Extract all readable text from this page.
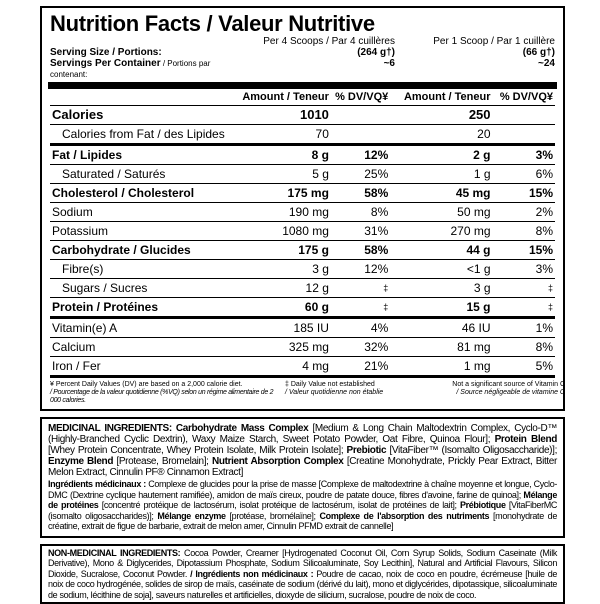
Nutrition Facts / Valeur Nutritive
Per 4 Scoops / Par 4 cuillères	Per 1 Scoop / Par 1 cuillère
Serving Size / Portions:	(264 g†)	(66 g†)
Servings Per Container / Portions par contenant:
~6	~24
	Amount / Teneur	% DV/VQ¥		Amount / Teneur	% DV/VQ¥
Calories	1010			250	
Calories from Fat / des Lipides	70			20	
Fat / Lipides	8 g	12%		2 g	3%
Saturated / Saturés	5 g	25%		1 g	6%
Cholesterol / Cholesterol	175 mg	58%		45 mg	15%
Sodium	190 mg	8%		50 mg	2%
Potassium	1080 mg	31%		270 mg	8%
Carbohydrate / Glucides	175 g	58%		44 g	15%
Fibre(s)	3 g	12%		<1 g	3%
Sugars / Sucres	12 g	‡		3 g	‡
Protein / Protéines	60 g	‡		15 g	‡
Vitamin(e) A	185 IU	4%		46 IU	1%
Calcium	325 mg	32%		81 mg	8%
Iron / Fer	4 mg	21%		1 mg	5%
¥ Percent Daily Values (DV) are based on a 2,000 calorie diet.
/ Pourcentage de la valeur quotidienne (%VQ) selon un régime alimentaire de 2 000 calories.
‡ Daily Value not established
/ Valeur quotidienne non établie
Not a significant source of Vitamin C
/ Source négligeable de vitamine C
MEDICINAL INGREDIENTS: Carbohydrate Mass Complex [Medium & Long Chain Maltodextrin Complex, Cyclo-D™ (Highly-Branched Cyclic Dextrin), Waxy Maize Starch, Sweet Potato Powder, Oat Fibre, Quinoa Flour]; Protein Blend [Whey Protein Concentrate, Whey Protein Isolate, Milk Protein Isolate]; Prebiotic [VitaFiber™ (Isomalto Oligosaccharide)]; Enzyme Blend [Protease, Bromelain]; Nutrient Absorption Complex [Creatine Monohydrate, Prickly Pear Extract, Bitter Melon Extract, Cinnulin PF® Cinnamon Extract]
Ingrédients médicinaux : Complexe de glucides pour la prise de masse [Complexe de maltodextrine à chaîne moyenne et longue, Cyclo-DMC (Dextrine cyclique hautement ramifiée), amidon de maïs cireux, poudre de patate douce, fibres d'avoine, farine de quinoa]; Mélange de protéines [concentré protéique de lactosérum, isolat protéique de lactosérum, isolat de protéines de lait]; Prébiotique [VitaFiberMC (isomalto oligosaccharides)]; Mélange enzyme [protéase, bromélaïne]; Complexe de l'absorption des nutriments [monohydrate de créatine, extrait de figue de barbarie, extrait de melon amer, Cinnulin PFMD extrait de cannelle]
NON-MEDICINAL INGREDIENTS: Cocoa Powder, Creamer [Hydrogenated Coconut Oil, Corn Syrup Solids, Sodium Caseinate (Milk Derivative), Mono & Diglycerides, Dipotassium Phosphate, Sodium Silicoaluminate, Soy Lecithin], Natural and Artificial Flavours, Silicon Dioxide, Sucralose, Coconut Powder. / Ingrédients non médicinaux : Poudre de cacao, noix de coco en poudre, écrémeuse [huile de noix de coco hydrogénée, solides de sirop de maïs, caséinate de sodium (dérivé du lait), mono et diglycérides, dipotassique, silicoaluminate de sodium, lécithine de soja], saveurs naturelles et artificielles, dioxyde de silicium, sucralose, poudre de noix de coco.
